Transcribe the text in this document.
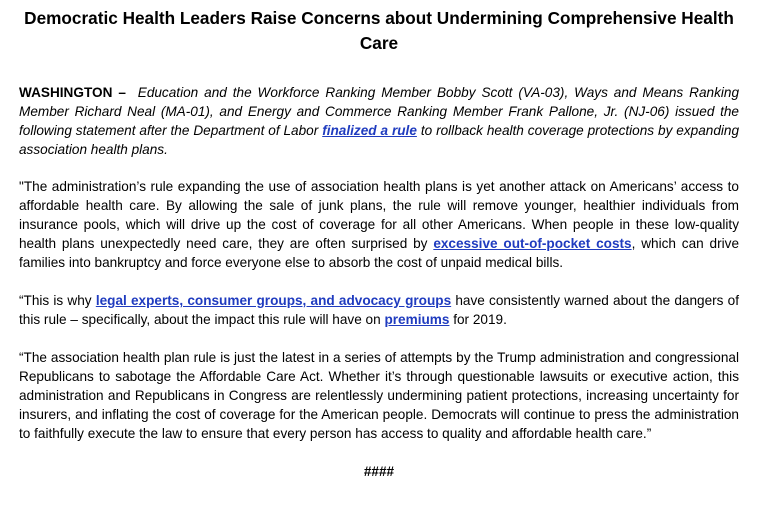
Democratic Health Leaders Raise Concerns about Undermining Comprehensive Health Care

WASHINGTON – Education and the Workforce Ranking Member Bobby Scott (VA-03), Ways and Means Ranking Member Richard Neal (MA-01), and Energy and Commerce Ranking Member Frank Pallone, Jr. (NJ-06) issued the following statement after the Department of Labor finalized a rule to rollback health coverage protections by expanding association health plans.

"The administration’s rule expanding the use of association health plans is yet another attack on Americans’ access to affordable health care. By allowing the sale of junk plans, the rule will remove younger, healthier individuals from insurance pools, which will drive up the cost of coverage for all other Americans. When people in these low-quality health plans unexpectedly need care, they are often surprised by excessive out-of-pocket costs, which can drive families into bankruptcy and force everyone else to absorb the cost of unpaid medical bills.

“This is why legal experts, consumer groups, and advocacy groups have consistently warned about the dangers of this rule – specifically, about the impact this rule will have on premiums for 2019.

“The association health plan rule is just the latest in a series of attempts by the Trump administration and congressional Republicans to sabotage the Affordable Care Act. Whether it’s through questionable lawsuits or executive action, this administration and Republicans in Congress are relentlessly undermining patient protections, increasing uncertainty for insurers, and inflating the cost of coverage for the American people. Democrats will continue to press the administration to faithfully execute the law to ensure that every person has access to quality and affordable health care.”

####
